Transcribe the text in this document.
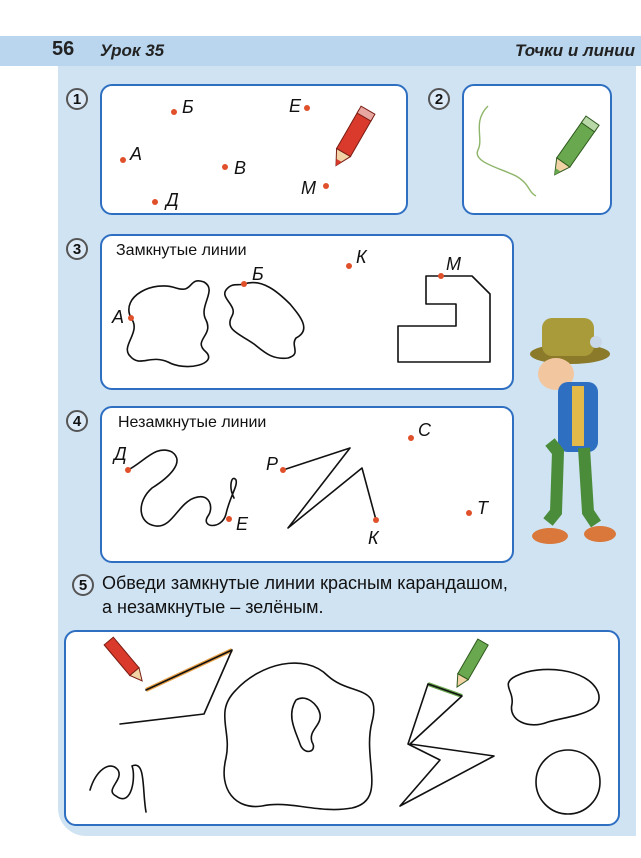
56 Урок 35	Точки и линии
1
А
Б
В
Д
Е
М
2
3	Замкнутые линии
А
Б
К	М
4	Незамкнутые линии
Д
Е
Р
С
К
Т
5 Обведи замкнутые линии красным карандашом,
а незамкнутые – зелёным.
